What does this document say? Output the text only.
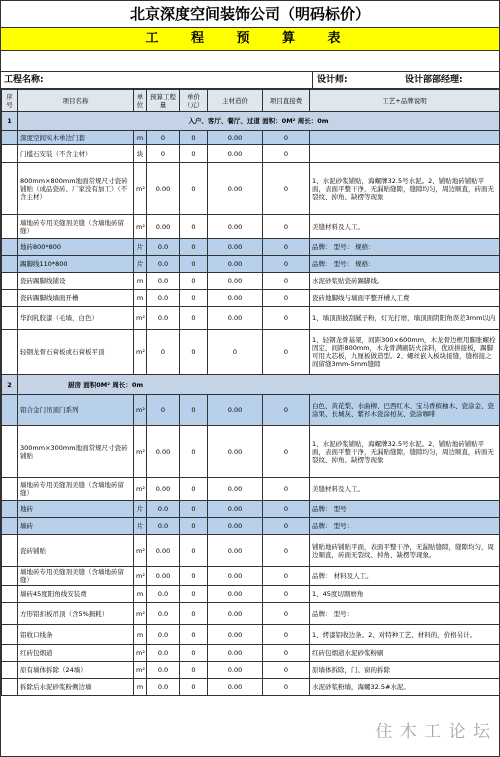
北京深度空间装饰公司（明码标价）
工 程 预 算 表
工程名称:	设计师:	设计部部经理:
序号	项目名称	单位	预算工程量	单价（元）	主材造价	项目直接费	工艺+品牌说明
1	入户、客厅、餐厅、过道 面积：0M² 周长：0m						
	深度空间实木单边门套	m	0	0	0.00	0	
	门槛石安装（不含主材）	块	0	0	0.00	0	
	800mm×800mm地面常规尺寸瓷砖铺贴（成品瓷砖、厂家没有加工）（不含主材）	m²	0.00	0	0.00	0	1、水泥砂浆铺贴，海螺牌32.5号水泥。2、铺贴地砖铺贴平面，表面平整干净，无漏贴缝隙，缝隙均匀，周边顺直，砖面无裂纹、掉角、缺楞等现象
	墙地砖专用美缝剂美缝（含墙地砖留缝）	m²	0.00	0	0.00	0	美缝材料及人工。
	地砖800*800	片	0.0	0	0.00	0	品牌： 型号： 规格：
	踢脚线110*800	片	0.0	0	0.00	0	品牌： 型号： 规格：
	瓷砖踢脚线铺设	m	0.0	0	0.00	0	水泥砂浆贴瓷砖踢脚线。
	瓷砖踢脚线墙面开槽	m	0.0	0	0.00	0	瓷砖地脚线与墙面平整开槽人工费
	华润乳胶漆（毛墙，白色）	m²	0.0	0	0.00	0	1、墙顶面披刮腻子粉，灯光打磨，墙顶面阴阳角误差3mm以内
	轻钢龙骨石膏板或石膏板平顶	m²	0	0	0	0	1、轻钢龙骨基架，间距300×600mm，木龙骨边框用膨胀螺栓固定，间距800mm，木龙骨满刷防火涂料，优质拼接板，踢脚可用大芯板，九厘板做造型。2、螺丝嵌入板块接缝，缝格接之间留缝3mm-5mm缝隙
2	厨房 面积0M² 周长：0m						
	铝合金门吊顶门系列	m²	0	0	0.00	0	白色、黄花梨、水曲柳、巴西红木、宝马香槟柚木、瓷涂金、瓷涂果、长城灰、紫衫木瓷涂柏灰、瓷涂咖啡
	300mm×300mm地面常规尺寸瓷砖铺贴	m²	0.00	0	0.00	0	1、水泥砂浆铺贴，海螺牌32.5号水泥。2、铺贴地砖铺贴平面，表面平整干净，无漏贴缝隙，缝隙均匀，周边顺直，砖面无裂纹、掉角、缺楞等现象
	墙地砖专用美缝剂美缝（含墙地砖留缝）	m²	0.00	0	0.00	0	美缝材料及人工。
	地砖	片	0.0	0	0.00	0	品牌： 型号
	墙砖	片	0.0	0	0.00	0	品牌： 型号：
	瓷砖铺贴	m²	0.00	0	0.00	0	铺贴地砖铺贴平面，表面平整干净，无漏贴缝隙，缝隙均匀，周边顺直，砖面无裂纹、掉角、缺楞等现象。
	墙地砖专用美缝剂美缝（含墙地砖留缝）	m²	0.00	0	0.00	0	品牌： 材料及人工。
	墙砖45度阳角线安装费	m	0.0	0	0.00	0	1、45度切割磨角
	方形铝扣板吊顶（含5%损耗）	m²	0.0	0	0.00	0	品牌： 型号：
	铝收口线条	m	0.0	0	0.00	0	1、烤漆铝收边条。2、对特种工艺、材料的，价格另计。
	红砖包烟道	m²	0.0	0	0.00	0	红砖包烟道水泥砂浆粉刷
	原有墙体拆除（24墙）	m²	0.0	0	0.00	0	原墙体拆除，门、窗的拆除
	拆除后水泥砂浆粉侧边墙	m	0.0	0	0.00	0	水泥砂浆粉墙，海螺32.5#水泥。
住 木 工 论 坛
